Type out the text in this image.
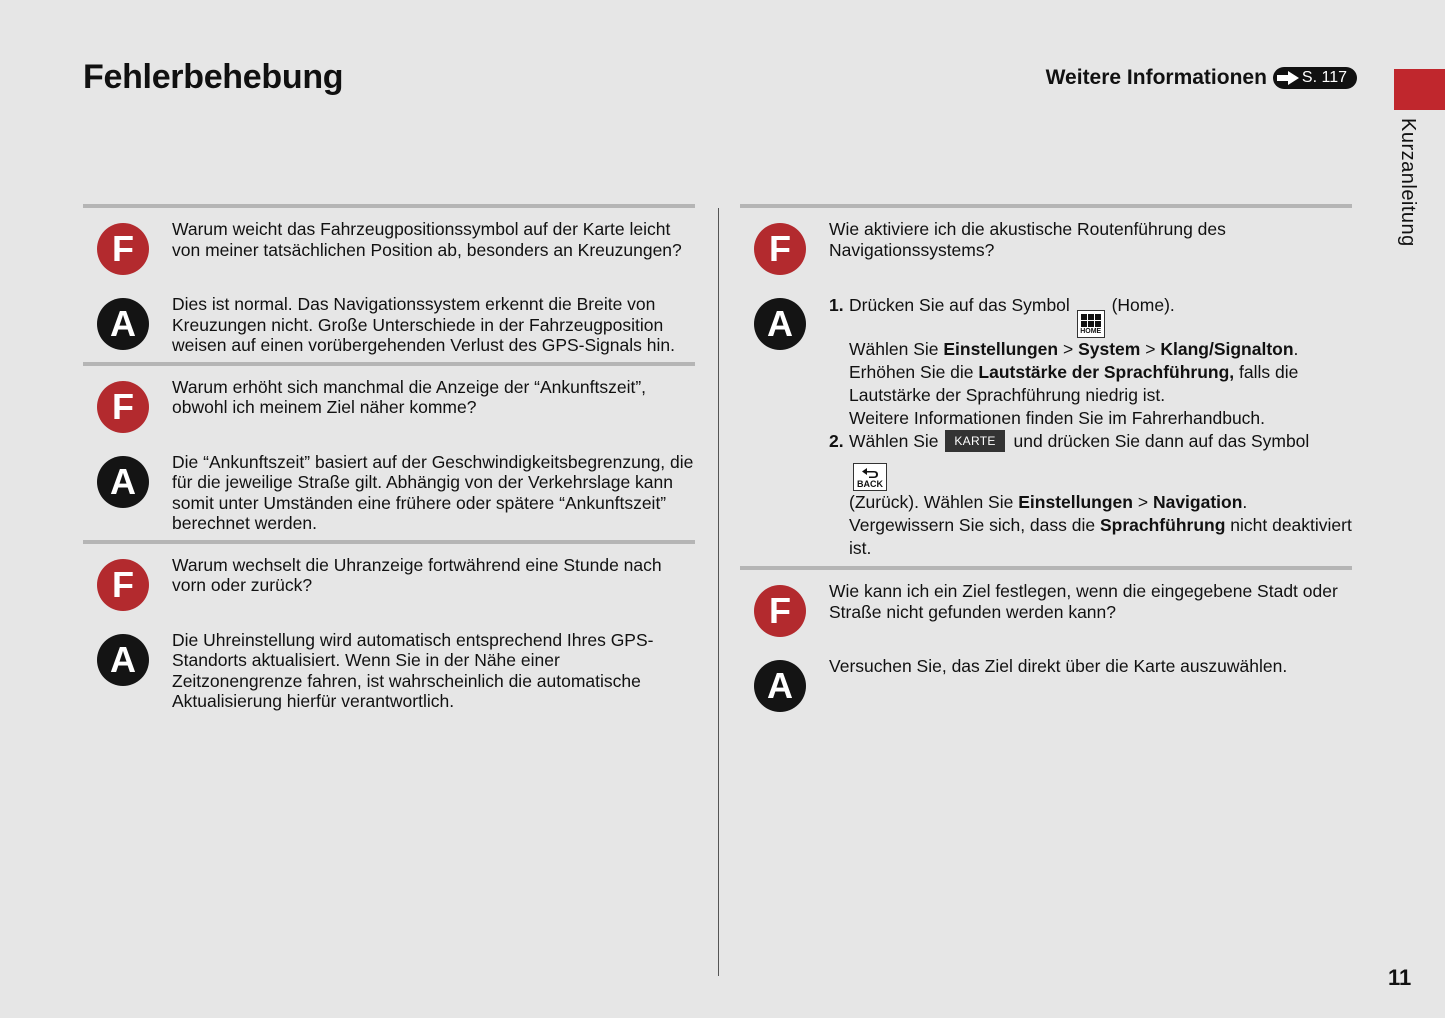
Fehlerbehebung	Weitere Informationen S. 117
Kurzanleitung
F	Warum weicht das Fahrzeugpositionssymbol auf der Karte leicht von meiner tatsächlichen Position ab, besonders an Kreuzungen?
A	Dies ist normal. Das Navigationssystem erkennt die Breite von Kreuzungen nicht. Große Unterschiede in der Fahrzeugposition weisen auf einen vorübergehenden Verlust des GPS-Signals hin.
F	Warum erhöht sich manchmal die Anzeige der “Ankunftszeit”, obwohl ich meinem Ziel näher komme?
A	Die “Ankunftszeit” basiert auf der Geschwindigkeitsbegrenzung, die für die jeweilige Straße gilt. Abhängig von der Verkehrslage kann somit unter Umständen eine frühere oder spätere “Ankunftszeit” berechnet werden.
F	Warum wechselt die Uhranzeige fortwährend eine Stunde nach vorn oder zurück?
A	Die Uhreinstellung wird automatisch entsprechend Ihres GPS-Standorts aktualisiert. Wenn Sie in der Nähe einer Zeitzonengrenze fahren, ist wahrscheinlich die automatische Aktualisierung hierfür verantwortlich.
F	Wie aktiviere ich die akustische Routenführung des Navigationssystems?
A	1. Drücken Sie auf das Symbol
HOME
(Home).
Wählen Sie Einstellungen > System > Klang/Signalton.
Erhöhen Sie die Lautstärke der Sprachführung, falls die Lautstärke der Sprachführung niedrig ist.
Weitere Informationen finden Sie im Fahrerhandbuch.
2. Wählen Sie KARTE und drücken Sie dann auf das Symbol
BACK

(Zurück). Wählen Sie Einstellungen > Navigation.
Vergewissern Sie sich, dass die Sprachführung nicht deaktiviert ist.
F	Wie kann ich ein Ziel festlegen, wenn die eingegebene Stadt oder Straße nicht gefunden werden kann?
A	Versuchen Sie, das Ziel direkt über die Karte auszuwählen.
11
